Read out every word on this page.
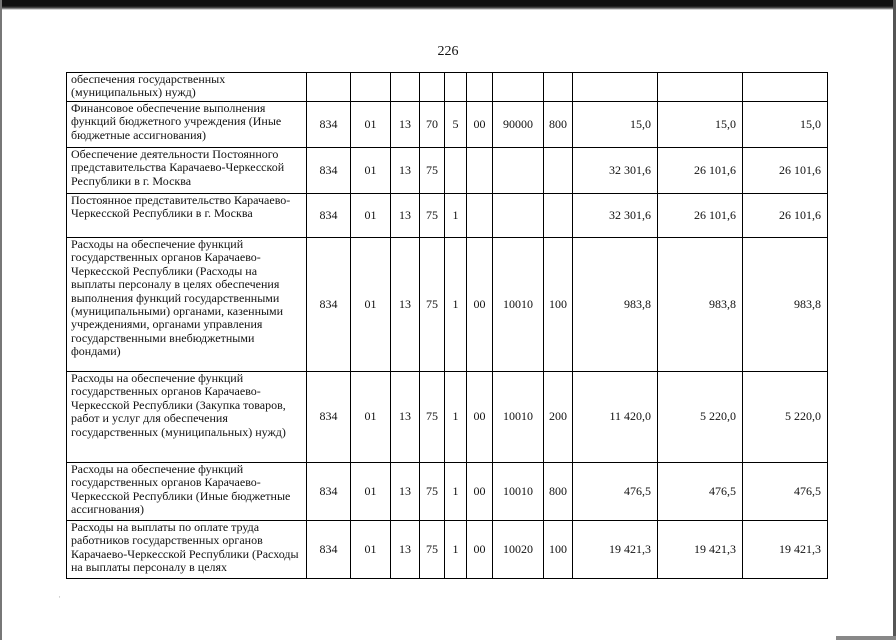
226
обеспечения государственных (муниципальных) нужд)											
Финансовое обеспечение выполнения функций бюджетного учреждения (Иные бюджетные ассигнования)	834	01	13	70	5	00	90000	800	15,0	15,0	15,0
Обеспечение деятельности Постоянного представительства Карачаево-Черкесской Республики в г. Москва	834	01	13	75					32 301,6	26 101,6	26 101,6
Постоянное представительство Карачаево-Черкесской Республики в г. Москва	834	01	13	75	1				32 301,6	26 101,6	26 101,6
Расходы на обеспечение функций государственных органов Карачаево-Черкесской Республики (Расходы на выплаты персоналу в целях обеспечения выполнения функций государственными (муниципальными) органами, казенными учреждениями, органами управления государственными внебюджетными фондами)	834	01	13	75	1	00	10010	100	983,8	983,8	983,8
Расходы на обеспечение функций государственных органов Карачаево-Черкесской Республики (Закупка товаров, работ и услуг для обеспечения государственных (муниципальных) нужд)	834	01	13	75	1	00	10010	200	11 420,0	5 220,0	5 220,0
Расходы на обеспечение функций государственных органов Карачаево-Черкесской Республики (Иные бюджетные ассигнования)	834	01	13	75	1	00	10010	800	476,5	476,5	476,5
Расходы на выплаты по оплате труда работников государственных органов Карачаево-Черкесской Республики (Расходы на выплаты персоналу в целях	834	01	13	75	1	00	10020	100	19 421,3	19 421,3	19 421,3
·
